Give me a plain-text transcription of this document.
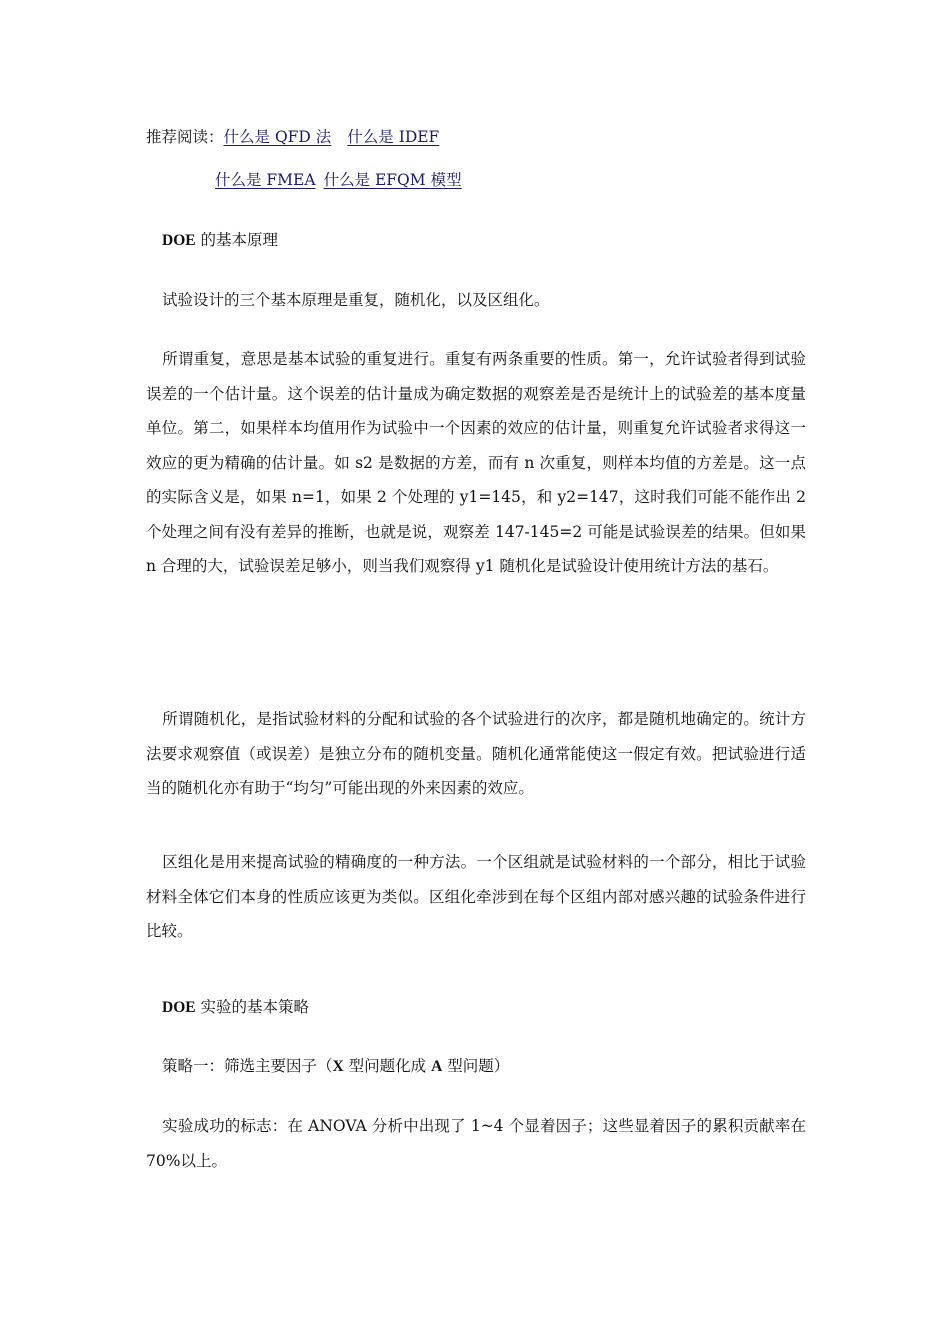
推荐阅读：什么是 QFD 法 什么是 IDEF
什么是 FMEA 什么是 EFQM 模型
DOE 的基本原理
试验设计的三个基本原理是重复，随机化，以及区组化。
所谓重复，意思是基本试验的重复进行。重复有两条重要的性质。第一，允许试验者得到试验误差的一个估计量。这个误差的估计量成为确定数据的观察差是否是统计上的试验差的基本度量单位。第二，如果样本均值用作为试验中一个因素的效应的估计量，则重复允许试验者求得这一效应的更为精确的估计量。如 s2 是数据的方差，而有 n 次重复，则样本均值的方差是。这一点的实际含义是，如果 n=1，如果 2 个处理的 y1=145，和 y2=147，这时我们可能不能作出 2 个处理之间有没有差异的推断，也就是说，观察差 147-145=2 可能是试验误差的结果。但如果 n 合理的大，试验误差足够小，则当我们观察得 y1 随机化是试验设计使用统计方法的基石。
所谓随机化，是指试验材料的分配和试验的各个试验进行的次序，都是随机地确定的。统计方法要求观察值（或误差）是独立分布的随机变量。随机化通常能使这一假定有效。把试验进行适当的随机化亦有助于“均匀”可能出现的外来因素的效应。
区组化是用来提高试验的精确度的一种方法。一个区组就是试验材料的一个部分，相比于试验材料全体它们本身的性质应该更为类似。区组化牵涉到在每个区组内部对感兴趣的试验条件进行比较。
DOE 实验的基本策略
策略一：筛选主要因子（X 型问题化成 A 型问题）
实验成功的标志：在 ANOVA 分析中出现了 1~4 个显着因子；这些显着因子的累积贡献率在 70%以上。
